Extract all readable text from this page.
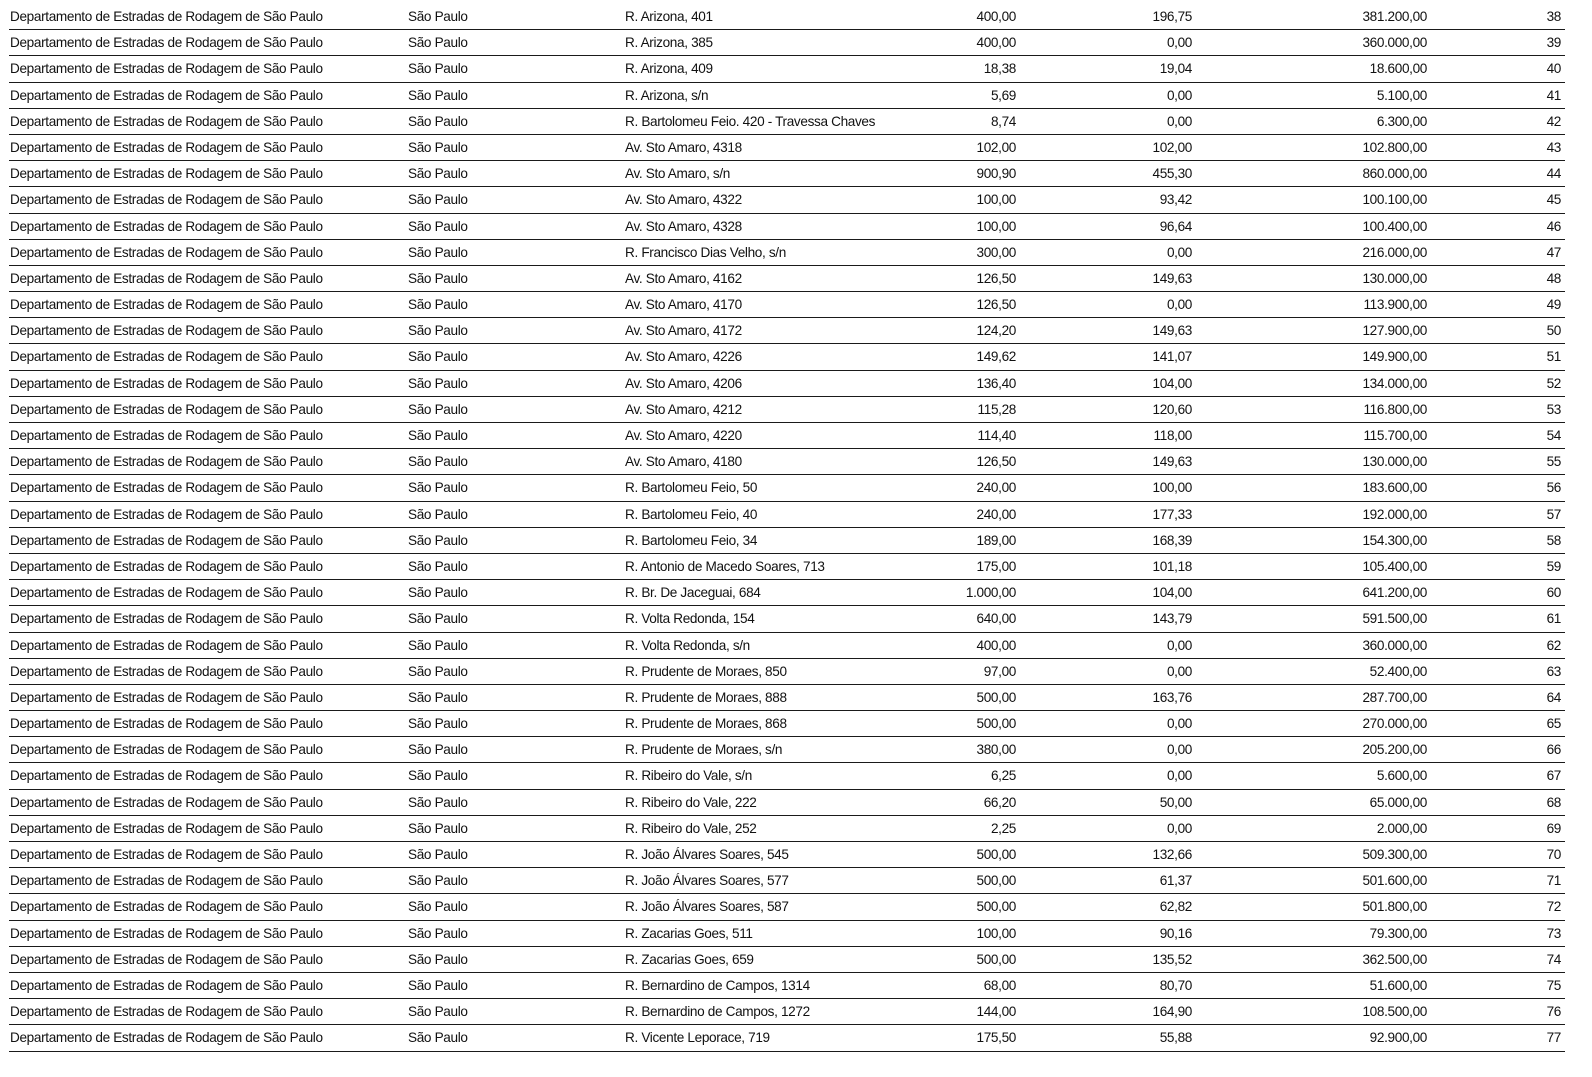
Departamento de Estradas de Rodagem de São Paulo	São Paulo	R. Arizona, 401	400,00	196,75	381.200,00	38
Departamento de Estradas de Rodagem de São Paulo	São Paulo	R. Arizona, 385	400,00	0,00	360.000,00	39
Departamento de Estradas de Rodagem de São Paulo	São Paulo	R. Arizona, 409	18,38	19,04	18.600,00	40
Departamento de Estradas de Rodagem de São Paulo	São Paulo	R. Arizona, s/n	5,69	0,00	5.100,00	41
Departamento de Estradas de Rodagem de São Paulo	São Paulo	R. Bartolomeu Feio. 420 - Travessa Chaves	8,74	0,00	6.300,00	42
Departamento de Estradas de Rodagem de São Paulo	São Paulo	Av. Sto Amaro, 4318	102,00	102,00	102.800,00	43
Departamento de Estradas de Rodagem de São Paulo	São Paulo	Av. Sto Amaro, s/n	900,90	455,30	860.000,00	44
Departamento de Estradas de Rodagem de São Paulo	São Paulo	Av. Sto Amaro, 4322	100,00	93,42	100.100,00	45
Departamento de Estradas de Rodagem de São Paulo	São Paulo	Av. Sto Amaro, 4328	100,00	96,64	100.400,00	46
Departamento de Estradas de Rodagem de São Paulo	São Paulo	R. Francisco Dias Velho, s/n	300,00	0,00	216.000,00	47
Departamento de Estradas de Rodagem de São Paulo	São Paulo	Av. Sto Amaro, 4162	126,50	149,63	130.000,00	48
Departamento de Estradas de Rodagem de São Paulo	São Paulo	Av. Sto Amaro, 4170	126,50	0,00	113.900,00	49
Departamento de Estradas de Rodagem de São Paulo	São Paulo	Av. Sto Amaro, 4172	124,20	149,63	127.900,00	50
Departamento de Estradas de Rodagem de São Paulo	São Paulo	Av. Sto Amaro, 4226	149,62	141,07	149.900,00	51
Departamento de Estradas de Rodagem de São Paulo	São Paulo	Av. Sto Amaro, 4206	136,40	104,00	134.000,00	52
Departamento de Estradas de Rodagem de São Paulo	São Paulo	Av. Sto Amaro, 4212	115,28	120,60	116.800,00	53
Departamento de Estradas de Rodagem de São Paulo	São Paulo	Av. Sto Amaro, 4220	114,40	118,00	115.700,00	54
Departamento de Estradas de Rodagem de São Paulo	São Paulo	Av. Sto Amaro, 4180	126,50	149,63	130.000,00	55
Departamento de Estradas de Rodagem de São Paulo	São Paulo	R. Bartolomeu Feio, 50	240,00	100,00	183.600,00	56
Departamento de Estradas de Rodagem de São Paulo	São Paulo	R. Bartolomeu Feio, 40	240,00	177,33	192.000,00	57
Departamento de Estradas de Rodagem de São Paulo	São Paulo	R. Bartolomeu Feio, 34	189,00	168,39	154.300,00	58
Departamento de Estradas de Rodagem de São Paulo	São Paulo	R. Antonio de Macedo Soares, 713	175,00	101,18	105.400,00	59
Departamento de Estradas de Rodagem de São Paulo	São Paulo	R. Br. De Jaceguai, 684	1.000,00	104,00	641.200,00	60
Departamento de Estradas de Rodagem de São Paulo	São Paulo	R. Volta Redonda, 154	640,00	143,79	591.500,00	61
Departamento de Estradas de Rodagem de São Paulo	São Paulo	R. Volta Redonda, s/n	400,00	0,00	360.000,00	62
Departamento de Estradas de Rodagem de São Paulo	São Paulo	R. Prudente de Moraes, 850	97,00	0,00	52.400,00	63
Departamento de Estradas de Rodagem de São Paulo	São Paulo	R. Prudente de Moraes, 888	500,00	163,76	287.700,00	64
Departamento de Estradas de Rodagem de São Paulo	São Paulo	R. Prudente de Moraes, 868	500,00	0,00	270.000,00	65
Departamento de Estradas de Rodagem de São Paulo	São Paulo	R. Prudente de Moraes, s/n	380,00	0,00	205.200,00	66
Departamento de Estradas de Rodagem de São Paulo	São Paulo	R. Ribeiro do Vale, s/n	6,25	0,00	5.600,00	67
Departamento de Estradas de Rodagem de São Paulo	São Paulo	R. Ribeiro do Vale, 222	66,20	50,00	65.000,00	68
Departamento de Estradas de Rodagem de São Paulo	São Paulo	R. Ribeiro do Vale, 252	2,25	0,00	2.000,00	69
Departamento de Estradas de Rodagem de São Paulo	São Paulo	R. João Álvares Soares, 545	500,00	132,66	509.300,00	70
Departamento de Estradas de Rodagem de São Paulo	São Paulo	R. João Álvares Soares, 577	500,00	61,37	501.600,00	71
Departamento de Estradas de Rodagem de São Paulo	São Paulo	R. João Álvares Soares, 587	500,00	62,82	501.800,00	72
Departamento de Estradas de Rodagem de São Paulo	São Paulo	R. Zacarias Goes, 511	100,00	90,16	79.300,00	73
Departamento de Estradas de Rodagem de São Paulo	São Paulo	R. Zacarias Goes, 659	500,00	135,52	362.500,00	74
Departamento de Estradas de Rodagem de São Paulo	São Paulo	R. Bernardino de Campos, 1314	68,00	80,70	51.600,00	75
Departamento de Estradas de Rodagem de São Paulo	São Paulo	R. Bernardino de Campos, 1272	144,00	164,90	108.500,00	76
Departamento de Estradas de Rodagem de São Paulo	São Paulo	R. Vicente Leporace, 719	175,50	55,88	92.900,00	77
